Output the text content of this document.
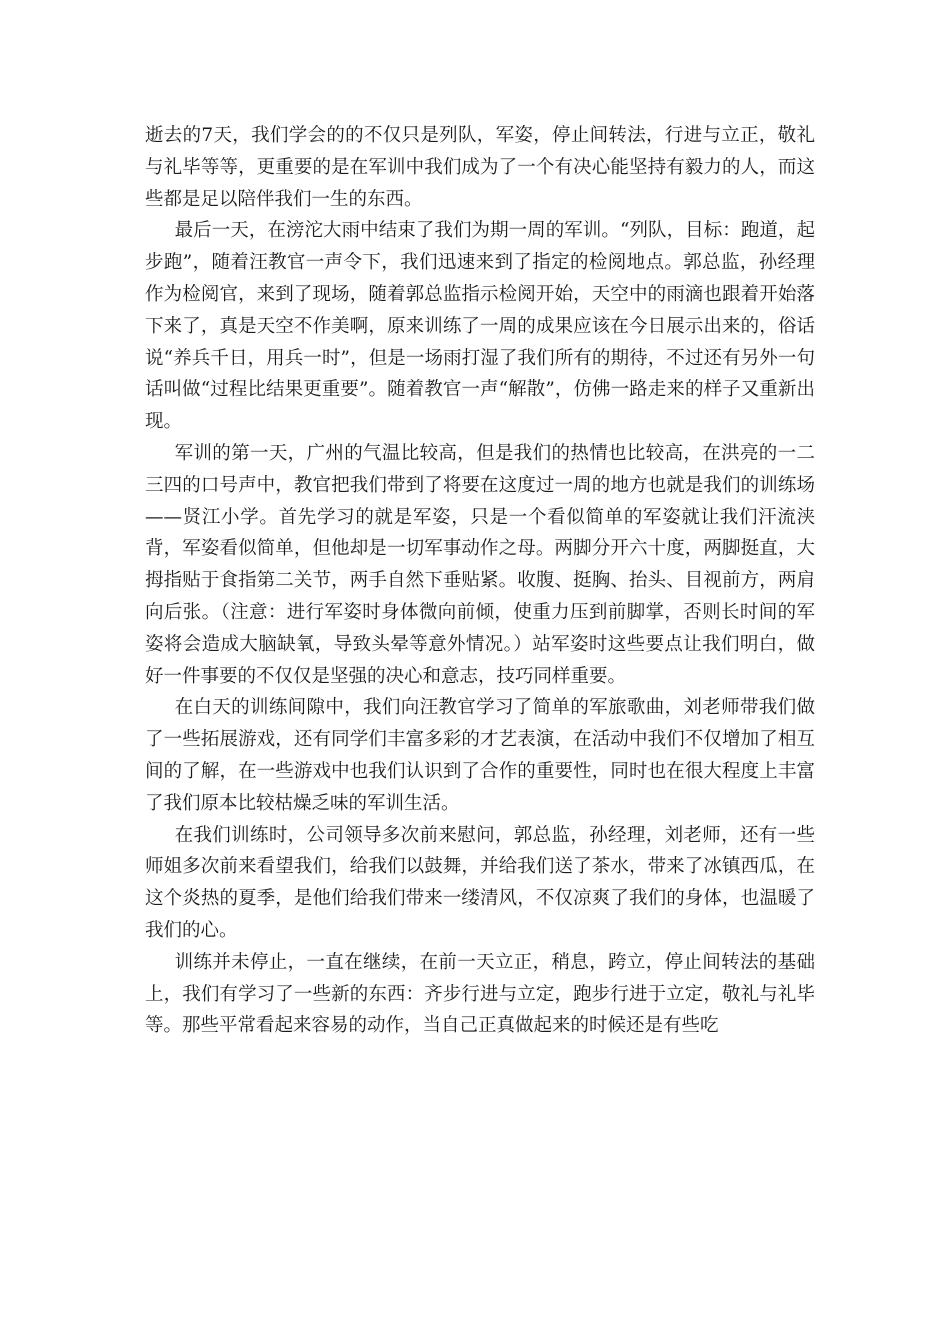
逝去的7天，我们学会的的不仅只是列队，军姿，停止间转法，行进与立正，敬礼与礼毕等等，更重要的是在军训中我们成为了一个有决心能坚持有毅力的人，而这些都是足以陪伴我们一生的东西。

最后一天，在滂沱大雨中结束了我们为期一周的军训。“列队，目标：跑道，起步跑”，随着汪教官一声令下，我们迅速来到了指定的检阅地点。郭总监，孙经理作为检阅官，来到了现场，随着郭总监指示检阅开始，天空中的雨滴也跟着开始落下来了，真是天空不作美啊，原来训练了一周的成果应该在今日展示出来的，俗话说“养兵千日，用兵一时”，但是一场雨打湿了我们所有的期待，不过还有另外一句话叫做“过程比结果更重要”。随着教官一声“解散”，仿佛一路走来的样子又重新出现。

军训的第一天，广州的气温比较高，但是我们的热情也比较高，在洪亮的一二三四的口号声中，教官把我们带到了将要在这度过一周的地方也就是我们的训练场——贤江小学。首先学习的就是军姿，只是一个看似简单的军姿就让我们汗流浃背，军姿看似简单，但他却是一切军事动作之母。两脚分开六十度，两脚挺直，大拇指贴于食指第二关节，两手自然下垂贴紧。收腹、挺胸、抬头、目视前方，两肩向后张。（注意：进行军姿时身体微向前倾，使重力压到前脚掌，否则长时间的军姿将会造成大脑缺氧，导致头晕等意外情况。）站军姿时这些要点让我们明白，做好一件事要的不仅仅是坚强的决心和意志，技巧同样重要。

在白天的训练间隙中，我们向汪教官学习了简单的军旅歌曲，刘老师带我们做了一些拓展游戏，还有同学们丰富多彩的才艺表演，在活动中我们不仅增加了相互间的了解，在一些游戏中也我们认识到了合作的重要性，同时也在很大程度上丰富了我们原本比较枯燥乏味的军训生活。

在我们训练时，公司领导多次前来慰问，郭总监，孙经理，刘老师，还有一些师姐多次前来看望我们，给我们以鼓舞，并给我们送了茶水，带来了冰镇西瓜，在这个炎热的夏季，是他们给我们带来一缕清风，不仅凉爽了我们的身体，也温暖了我们的心。

训练并未停止，一直在继续，在前一天立正，稍息，跨立，停止间转法的基础上，我们有学习了一些新的东西：齐步行进与立定，跑步行进于立定，敬礼与礼毕等。那些平常看起来容易的动作，当自己正真做起来的时候还是有些吃
